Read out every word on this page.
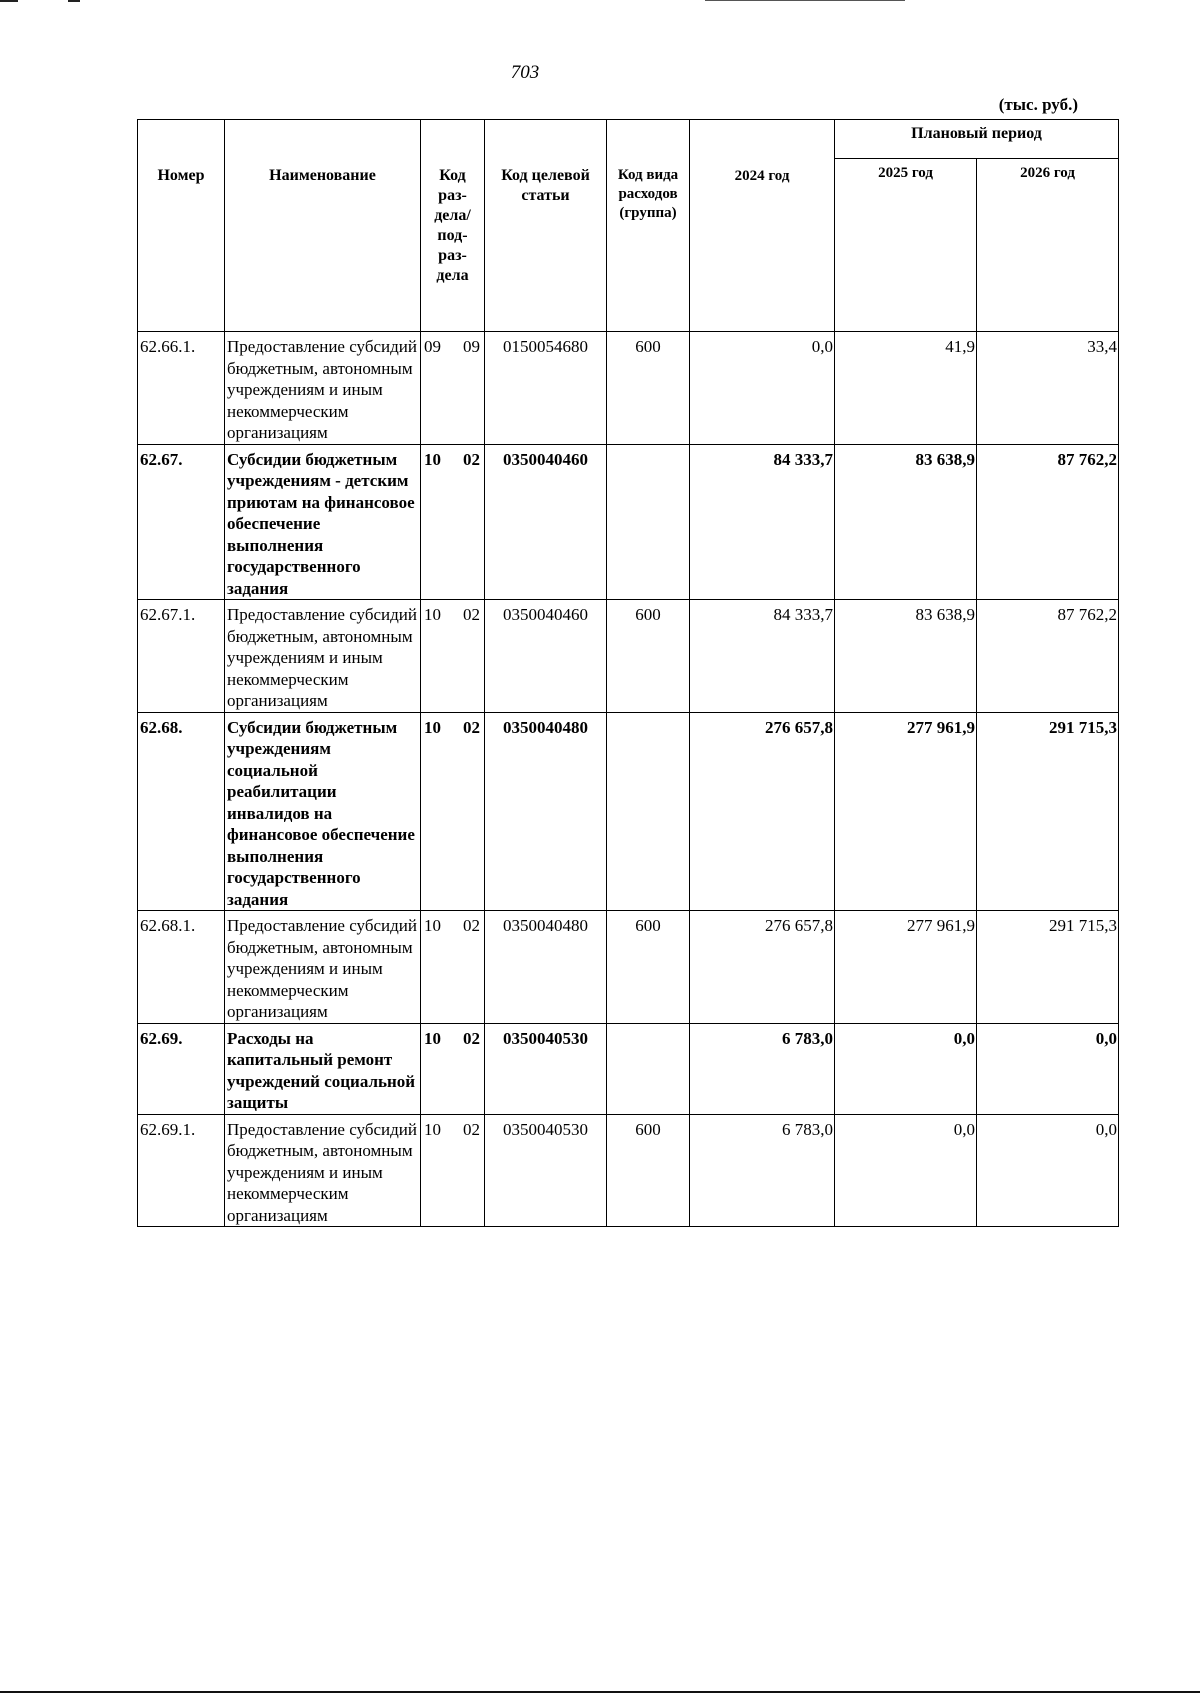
703
(тыс. руб.)
Номер	Наименование	Код раз-дела/ под-раз-дела	Код целевой статьи	Код вида расходов (группа)	2024 год	Плановый период	

						2025 год	2026 год

62.66.1.	Предоставление субсидий бюджетным, автономным учреждениям и иным некоммерческим организациям	09 09	0150054680	600	0,0	41,9	33,4
62.67.	Субсидии бюджетным учреждениям - детским приютам на финансовое обеспечение выполнения государственного задания	10 02	0350040460		84 333,7	83 638,9	87 762,2
62.67.1.	Предоставление субсидий бюджетным, автономным учреждениям и иным некоммерческим организациям	10 02	0350040460	600	84 333,7	83 638,9	87 762,2
62.68.	Субсидии бюджетным учреждениям социальной реабилитации инвалидов на финансовое обеспечение выполнения государственного задания	10 02	0350040480		276 657,8	277 961,9	291 715,3
62.68.1.	Предоставление субсидий бюджетным, автономным учреждениям и иным некоммерческим организациям	10 02	0350040480	600	276 657,8	277 961,9	291 715,3
62.69.	Расходы на капитальный ремонт учреждений социальной защиты	10 02	0350040530		6 783,0	0,0	0,0
62.69.1.	Предоставление субсидий бюджетным, автономным учреждениям и иным некоммерческим организациям	10 02	0350040530	600	6 783,0	0,0	0,0
